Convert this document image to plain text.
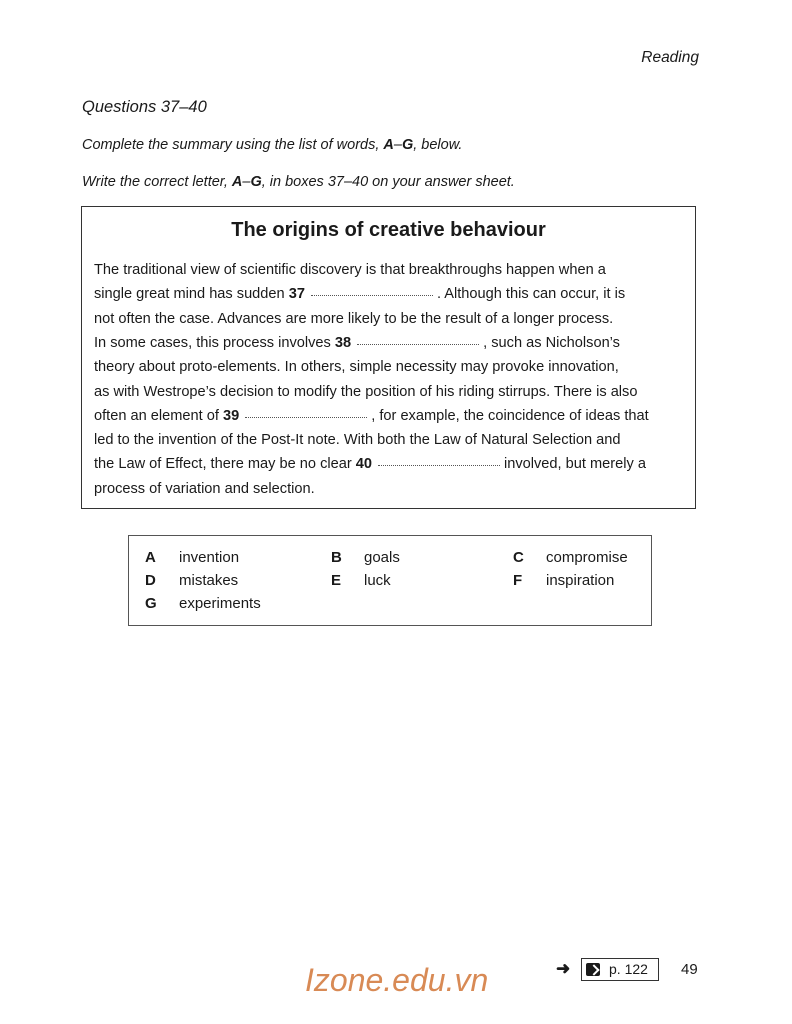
Reading
Questions 37–40
Complete the summary using the list of words, A–G, below.
Write the correct letter, A–G, in boxes 37–40 on your answer sheet.
The origins of creative behaviour
The traditional view of scientific discovery is that breakthroughs happen when a
single great mind has sudden 37	. Although this can occur, it is
not often the case. Advances are more likely to be the result of a longer process.
In some cases, this process involves 38	, such as Nicholson’s
theory about proto-elements. In others, simple necessity may provoke innovation,
as with Westrope’s decision to modify the position of his riding stirrups. There is also
often an element of 39	, for example, the coincidence of ideas that
led to the invention of the Post-It note. With both the Law of Natural Selection and
the Law of Effect, there may be no clear 40	involved, but merely a
process of variation and selection.
A invention	B goals	C compromise
D mistakes	E luck	F inspiration
G experiments
➜	p. 122 49
Izone.edu.vn
